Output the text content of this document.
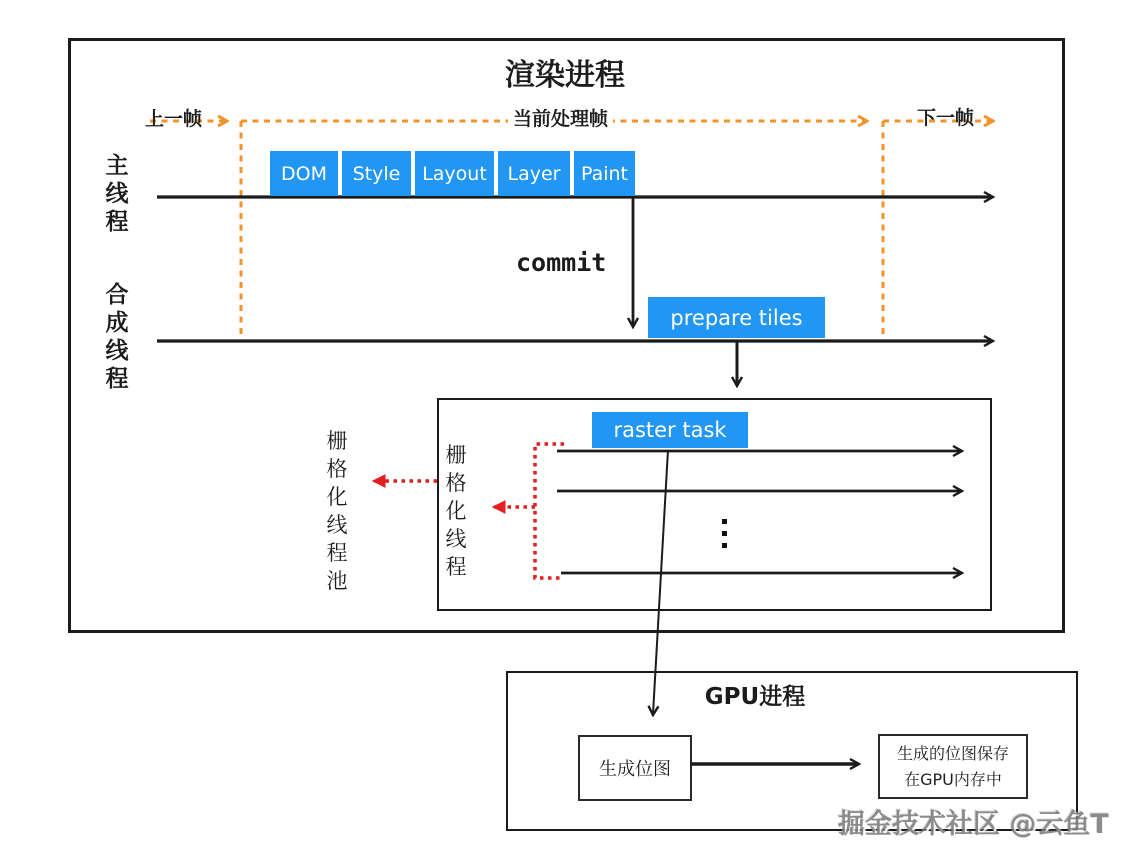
渲染进程
上一帧	当前处理帧	下一帧
主线程
合成线程
DOM	Style	Layout	Layer	Paint
commit
prepare tiles
raster task
栅格化线程池
栅格化线程
GPU进程
生成位图
生成的位图保存
在GPU内存中
掘金技术社区 @云鱼T
